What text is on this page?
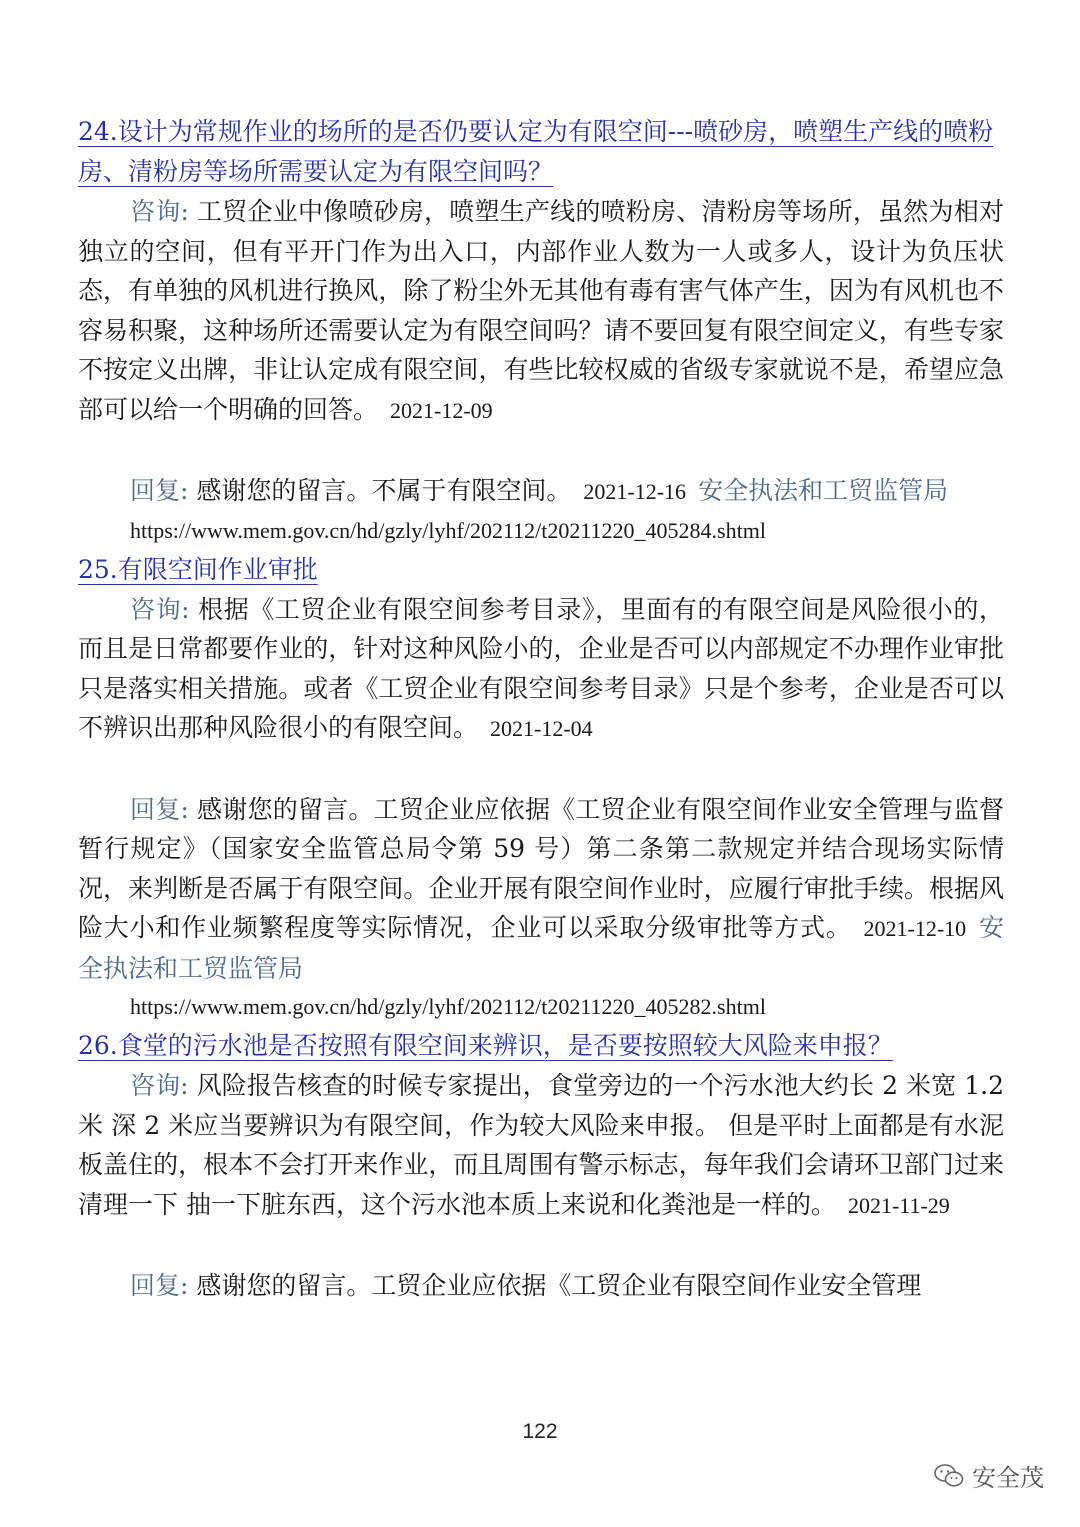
24.设计为常规作业的场所的是否仍要认定为有限空间---喷砂房，喷塑生产线的喷粉房、清粉房等场所需要认定为有限空间吗？

咨询: 工贸企业中像喷砂房，喷塑生产线的喷粉房、清粉房等场所，虽然为相对独立的空间，但有平开门作为出入口，内部作业人数为一人或多人，设计为负压状态，有单独的风机进行换风，除了粉尘外无其他有毒有害气体产生，因为有风机也不容易积聚，这种场所还需要认定为有限空间吗？请不要回复有限空间定义，有些专家不按定义出牌，非让认定成有限空间，有些比较权威的省级专家就说不是，希望应急部可以给一个明确的回答。 2021-12-09

回复: 感谢您的留言。不属于有限空间。 2021-12-16 安全执法和工贸监管局

https://www.mem.gov.cn/hd/gzly/lyhf/202112/t20211220_405284.shtml

25.有限空间作业审批

咨询: 根据《工贸企业有限空间参考目录》，里面有的有限空间是风险很小的，而且是日常都要作业的，针对这种风险小的，企业是否可以内部规定不办理作业审批只是落实相关措施。或者《工贸企业有限空间参考目录》只是个参考，企业是否可以不辨识出那种风险很小的有限空间。 2021-12-04

回复: 感谢您的留言。工贸企业应依据《工贸企业有限空间作业安全管理与监督暂行规定》（国家安全监管总局令第 59 号）第二条第二款规定并结合现场实际情况，来判断是否属于有限空间。企业开展有限空间作业时，应履行审批手续。根据风险大小和作业频繁程度等实际情况，企业可以采取分级审批等方式。 2021-12-10 安全执法和工贸监管局

https://www.mem.gov.cn/hd/gzly/lyhf/202112/t20211220_405282.shtml

26.食堂的污水池是否按照有限空间来辨识，是否要按照较大风险来申报？

咨询: 风险报告核查的时候专家提出，食堂旁边的一个污水池大约长 2 米宽 1.2 米 深 2 米应当要辨识为有限空间，作为较大风险来申报。 但是平时上面都是有水泥板盖住的，根本不会打开来作业，而且周围有警示标志，每年我们会请环卫部门过来清理一下 抽一下脏东西，这个污水池本质上来说和化粪池是一样的。 2021-11-29

回复: 感谢您的留言。工贸企业应依据《工贸企业有限空间作业安全管理

122
安全茂
